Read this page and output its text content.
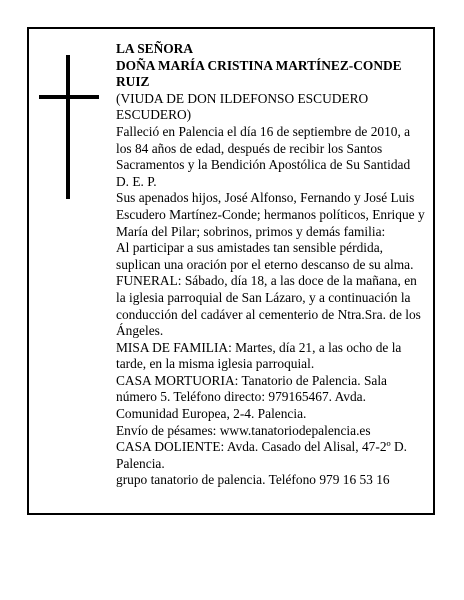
LA SEÑORA

DOÑA MARÍA CRISTINA MARTÍNEZ-CONDE RUIZ

(VIUDA DE DON ILDEFONSO ESCUDERO ESCUDERO)

Falleció en Palencia el día 16 de septiembre de 2010, a los 84 años de edad, después de recibir los Santos Sacramentos y la Bendición Apostólica de Su Santidad

D. E. P.

Sus apenados hijos, José Alfonso, Fernando y José Luis Escudero Martínez-Conde; hermanos políticos, Enrique y María del Pilar; sobrinos, primos y demás familia:

Al participar a sus amistades tan sensible pérdida, suplican una oración por el eterno descanso de su alma.

FUNERAL: Sábado, día 18, a las doce de la mañana, en la iglesia parroquial de San Lázaro, y a continuación la conducción del cadáver al cementerio de Ntra.Sra. de los Ángeles.

MISA DE FAMILIA: Martes, día 21, a las ocho de la tarde, en la misma iglesia parroquial.

CASA MORTUORIA: Tanatorio de Palencia. Sala número 5. Teléfono directo: 979165467. Avda. Comunidad Europea, 2-4. Palencia.

Envío de pésames: www.tanatoriodepalencia.es

CASA DOLIENTE: Avda. Casado del Alisal, 47-2º D. Palencia.

grupo tanatorio de palencia. Teléfono 979 16 53 16
